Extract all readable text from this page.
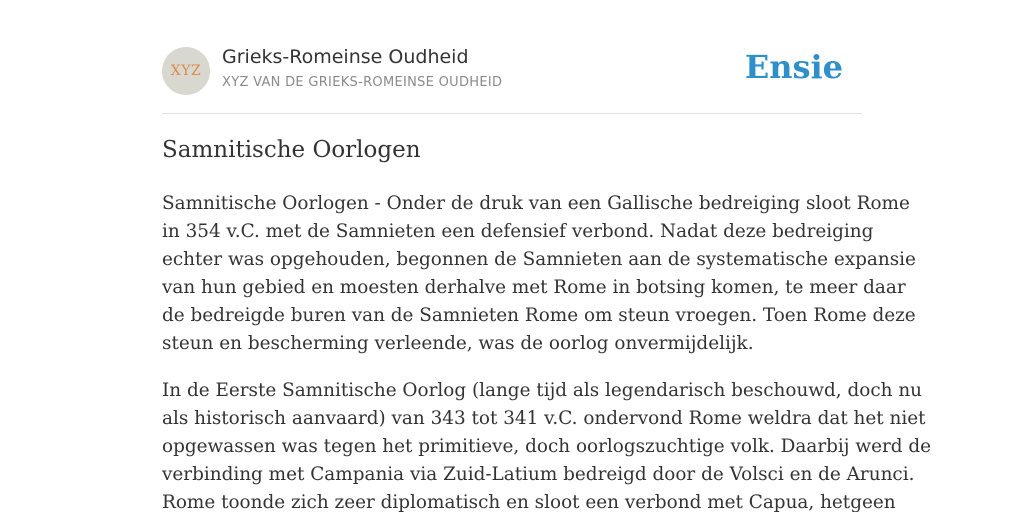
XYZ
Grieks-Romeinse Oudheid
XYZ VAN DE GRIEKS-ROMEINSE OUDHEID	Ensie
Samnitische Oorlogen

Samnitische Oorlogen - Onder de druk van een Gallische bedreiging sloot Rome
in 354 v.C. met de Samnieten een defensief verbond. Nadat deze bedreiging
echter was opgehouden, begonnen de Samnieten aan de systematische expansie
van hun gebied en moesten derhalve met Rome in botsing komen, te meer daar
de bedreigde buren van de Samnieten Rome om steun vroegen. Toen Rome deze
steun en bescherming verleende, was de oorlog onvermijdelijk.

In de Eerste Samnitische Oorlog (lange tijd als legendarisch beschouwd, doch nu
als historisch aanvaard) van 343 tot 341 v.C. ondervond Rome weldra dat het niet
opgewassen was tegen het primitieve, doch oorlogszuchtige volk. Daarbij werd de
verbinding met Campania via Zuid-Latium bedreigd door de Volsci en de Arunci.
Rome toonde zich zeer diplomatisch en sloot een verbond met Capua, hetgeen
